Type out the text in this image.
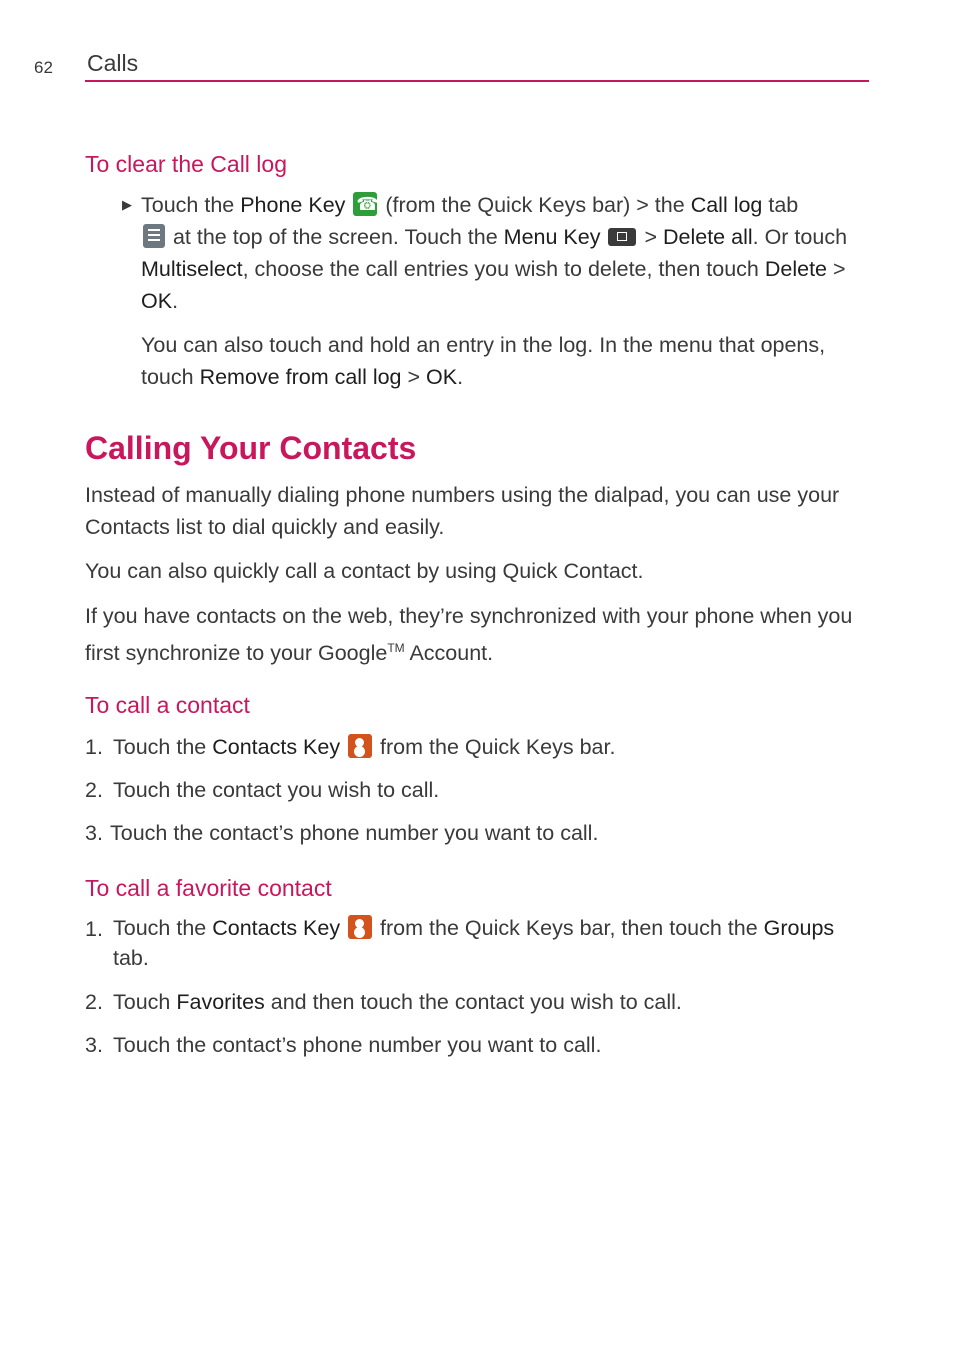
62 Calls
To clear the Call log
▶ Touch the Phone Key ☎ (from the Quick Keys bar) > the Call log tab
at the top of the screen. Touch the Menu Key  > Delete all. Or touch Multiselect, choose the call entries you wish to delete, then touch Delete > OK.

You can also touch and hold an entry in the log. In the menu that opens, touch Remove from call log > OK.

Calling Your Contacts

Instead of manually dialing phone numbers using the dialpad, you can use your Contacts list to dial quickly and easily.

You can also quickly call a contact by using Quick Contact.

If you have contacts on the web, they’re synchronized with your phone when you first synchronize to your Google™ Account.

To call a contact
1. Touch the Contacts Key  from the Quick Keys bar.

2. Touch the contact you wish to call.

3. Touch the contact’s phone number you want to call.

To call a favorite contact
1. Touch the Contacts Key  from the Quick Keys bar, then touch the Groups tab.

2. Touch Favorites and then touch the contact you wish to call.

3. Touch the contact’s phone number you want to call.
